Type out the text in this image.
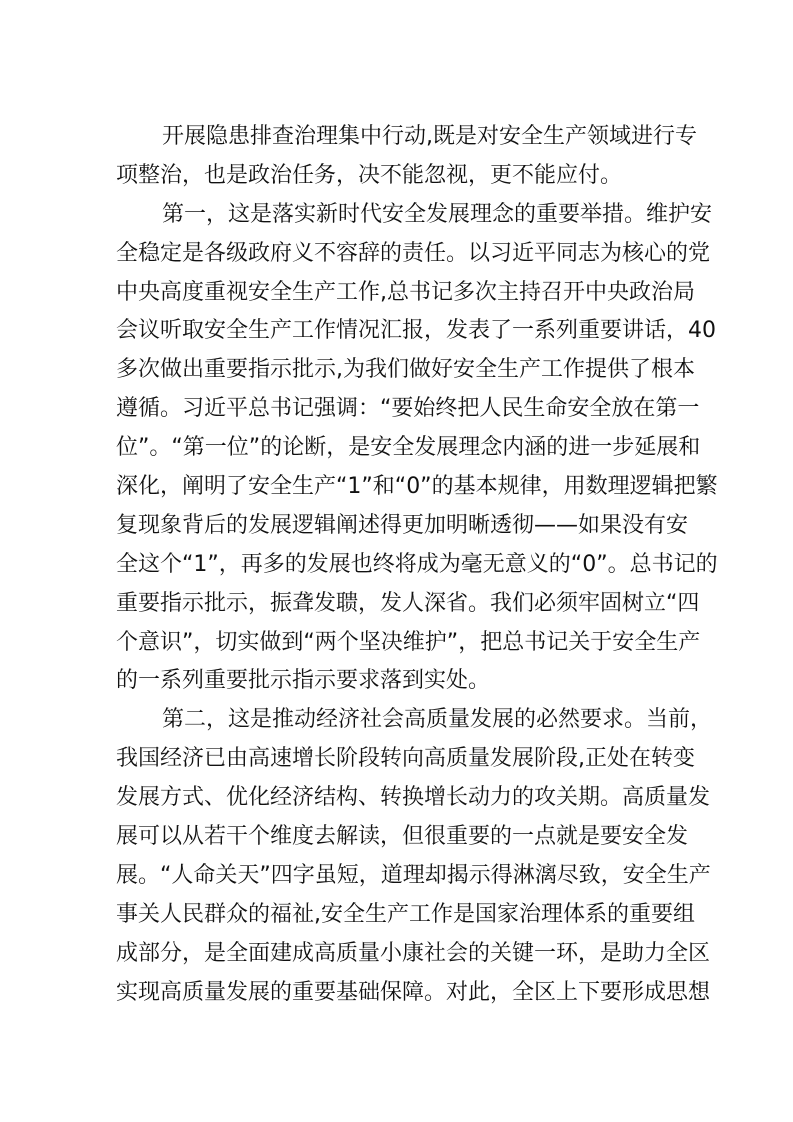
开展隐患排查治理集中行动,既是对安全生产领域进行专
项整治，也是政治任务，决不能忽视，更不能应付。
第一，这是落实新时代安全发展理念的重要举措。维护安
全稳定是各级政府义不容辞的责任。以习近平同志为核心的党
中央高度重视安全生产工作,总书记多次主持召开中央政治局
会议听取安全生产工作情况汇报，发表了一系列重要讲话，40
多次做出重要指示批示,为我们做好安全生产工作提供了根本
遵循。习近平总书记强调：“要始终把人民生命安全放在第一
位”。“第一位”的论断，是安全发展理念内涵的进一步延展和
深化，阐明了安全生产“1”和“0”的基本规律，用数理逻辑把繁
复现象背后的发展逻辑阐述得更加明晰透彻——如果没有安
全这个“1”，再多的发展也终将成为毫无意义的“0”。总书记的
重要指示批示，振聋发聩，发人深省。我们必须牢固树立“四
个意识”，切实做到“两个坚决维护”，把总书记关于安全生产
的一系列重要批示指示要求落到实处。
第二，这是推动经济社会高质量发展的必然要求。当前，
我国经济已由高速增长阶段转向高质量发展阶段,正处在转变
发展方式、优化经济结构、转换增长动力的攻关期。高质量发
展可以从若干个维度去解读，但很重要的一点就是要安全发
展。“人命关天”四字虽短，道理却揭示得淋漓尽致，安全生产
事关人民群众的福祉,安全生产工作是国家治理体系的重要组
成部分，是全面建成高质量小康社会的关键一环，是助力全区
实现高质量发展的重要基础保障。对此，全区上下要形成思想
